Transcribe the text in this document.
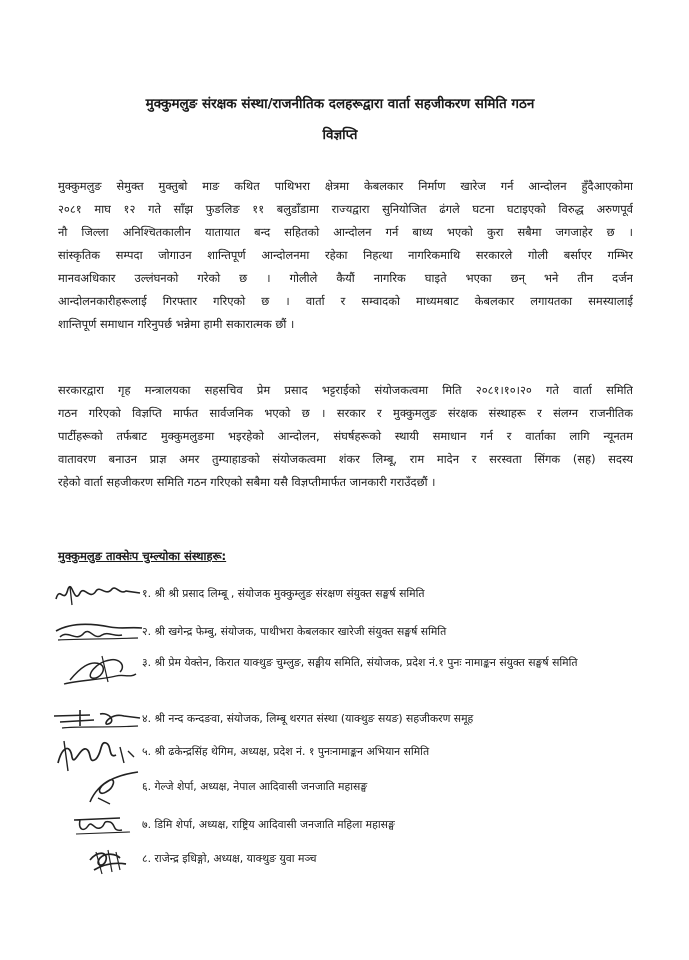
मुक्कुमलुङ संरक्षक संस्था/राजनीतिक दलहरूद्वारा वार्ता सहजीकरण समिति गठन
विज्ञप्ति
मुक्कुमलुङ सेमुक्त मुक्तुबो माङ कथित पाथिभरा क्षेत्रमा केबलकार निर्माण खारेज गर्न आन्दोलन हुँदैआएकोमा
२०८१ माघ १२ गते साँझ फुङलिङ ११ बलुडाँडामा राज्यद्वारा सुनियोजित ढंगले घटना घटाइएको विरुद्ध अरुणपूर्व
नौ जिल्ला अनिश्चितकालीन यातायात बन्द सहितको आन्दोलन गर्न बाध्य भएको कुरा सबैमा जगजाहेर छ ।
सांस्कृतिक सम्पदा जोगाउन शान्तिपूर्ण आन्दोलनमा रहेका निहत्था नागरिकमाथि सरकारले गोली बर्साएर गम्भिर
मानवअधिकार उल्लंघनको गरेको छ । गोलीले कैयौं नागरिक घाइते भएका छन् भने तीन दर्जन
आन्दोलनकारीहरूलाई गिरफ्तार गरिएको छ । वार्ता र सम्वादको माध्यमबाट केबलकार लगायतका समस्यालाई
शान्तिपूर्ण समाधान गरिनुपर्छ भन्नेमा हामी सकारात्मक छौं ।
सरकारद्वारा गृह मन्त्रालयका सहसचिव प्रेम प्रसाद भट्टराईको संयोजकत्वमा मिति २०८१।१०।२० गते वार्ता समिति
गठन गरिएको विज्ञप्ति मार्फत सार्वजनिक भएको छ । सरकार र मुक्कुमलुङ संरक्षक संस्थाहरू र संलग्न राजनीतिक
पार्टीहरूको तर्फबाट मुक्कुमलुङमा भइरहेको आन्दोलन, संघर्षहरूको स्थायी समाधान गर्न र वार्ताका लागि न्यूनतम
वातावरण बनाउन प्राज्ञ अमर तुम्याहाङको संयोजकत्वमा शंकर लिम्बू, राम मादेन र सरस्वता सिंगक (सह) सदस्य
रहेको वार्ता सहजीकरण समिति गठन गरिएको सबैमा यसै विज्ञप्तीमार्फत जानकारी गराउँदछौं ।
मुक्कुमलुङ ताक्सेःप चुम्ल्योका संस्थाहरू:
१. श्री श्री प्रसाद लिम्बू , संयोजक मुक्कुम्लुङ संरक्षण संयुक्त सङ्घर्ष समिति
२. श्री खगेन्द्र फेम्बु, संयोजक, पाथीभरा केबलकार खारेजी संयुक्त सङ्घर्ष समिति
३. श्री प्रेम येक्तेन, किरात याक्थुङ चुम्लुङ, सङ्घीय समिति, संयोजक, प्रदेश नं.१ पुनः नामाङ्कन संयुक्त सङ्घर्ष समिति
४. श्री नन्द कन्दङवा, संयोजक, लिम्बू थरगत संस्था (याक्थुङ सयङ) सहजीकरण समूह
५. श्री ढकेन्द्रसिंह थेगिम, अध्यक्ष, प्रदेश नं. १ पुनःनामाङ्कन अभियान समिति
६. गेल्जे शेर्पा, अध्यक्ष, नेपाल आदिवासी जनजाति महासङ्घ
७. डिमि शेर्पा, अध्यक्ष, राष्ट्रिय आदिवासी जनजाति महिला महासङ्घ
८. राजेन्द्र इधिङ्गो, अध्यक्ष, याक्थुङ युवा मञ्च
